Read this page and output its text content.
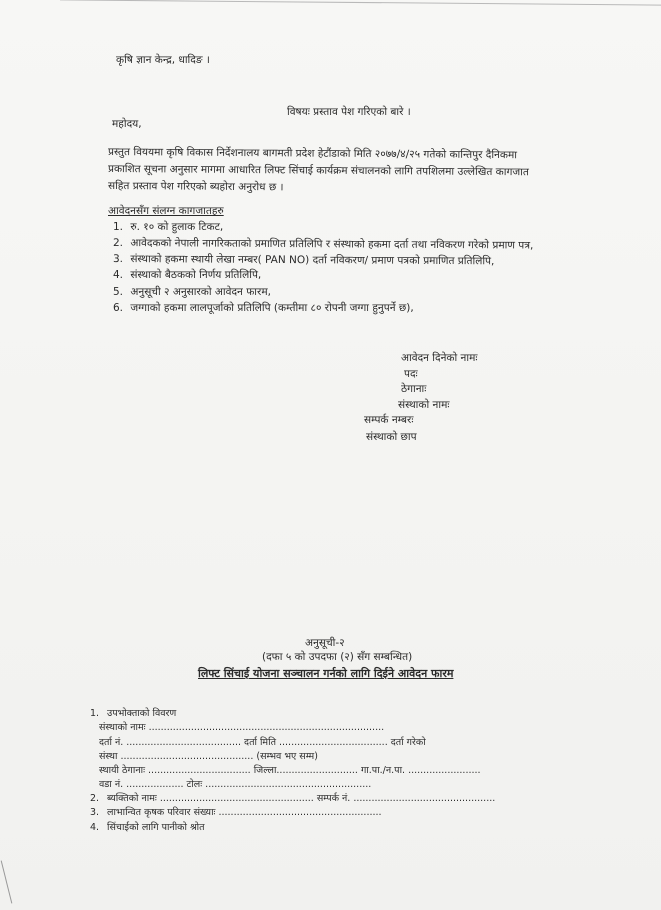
कृषि ज्ञान केन्द्र, धादिङ ।
विषयः प्रस्ताव पेश गरिएको बारे ।
महोदय,
प्रस्तुत विययमा कृषि विकास निर्देशनालय बागमती प्रदेश हेटौंडाको मिति २०७७/४/२५ गतेको कान्तिपुर दैनिकमा
प्रकाशित सूचना अनुसार मागमा आधारित लिफ्ट सिंचाई कार्यक्रम संचालनको लागि तपशिलमा उल्लेखित कागजात
सहित प्रस्ताव पेश गरिएको ब्यहोरा अनुरोध छ ।
आवेदनसँग संलग्न कागजातहरु
1. रु. १० को हुलाक टिकट,
2. आवेदकको नेपाली नागरिकताको प्रमाणित प्रतिलिपि र संस्थाको हकमा दर्ता तथा नविकरण गरेको प्रमाण पत्र,
3. संस्थाको हकमा स्थायी लेखा नम्बर( PAN NO) दर्ता नविकरण/ प्रमाण पत्रको प्रमाणित प्रतिलिपि,
4. संस्थाको बैठकको निर्णय प्रतिलिपि,
5. अनुसूची २ अनुसारको आवेदन फारम,
6. जग्गाको हकमा लालपूर्जाको प्रतिलिपि (कम्तीमा ८० रोपनी जग्गा हुनुपर्ने छ),
आवेदन दिनेको नामः
पदः
ठेगानाः
संस्थाको नामः
सम्पर्क नम्बरः
संस्थाको छाप
अनुसूची-२
(दफा ५ को उपदफा (२) सँग सम्बन्धित)
लिफ्ट सिंचाई योजना सञ्चालन गर्नको लागि दिईने आवेदन फारम
1. उपभोक्ताको विवरण
संस्थाको नामः ..............................................................................
दर्ता नं. ...................................... दर्ता मिति .................................... दर्ता गरेको
संस्था ............................................ (सम्भव भए सम्म)
स्थायी ठेगानाः .................................. जिल्ला........................... गा.पा./न.पा. ........................
वडा नं. ................... टोलः .......................................................
2. ब्यक्तिको नामः ................................................... सम्पर्क नं. ...............................................
3. लाभान्वित कृषक परिवार संख्याः ......................................................
4. सिंचाईको लागि पानीको श्रोत
